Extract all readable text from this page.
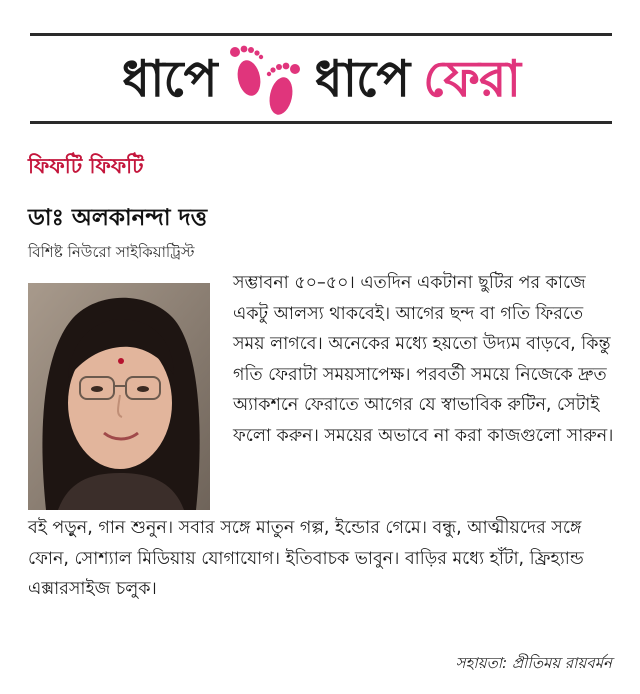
ধাপে ধাপে ফেরা
ফিফটি ফিফটি
ডাঃ অলকানন্দা দত্ত
বিশিষ্ট নিউরো সাইকিয়াট্রিস্ট
সম্ভাবনা ৫০–৫০। এতদিন একটানা ছুটির পর কাজে একটু আলস্য থাকবেই। আগের ছন্দ বা গতি ফিরতে সময় লাগবে। অনেকের মধ্যে হয়তো উদ্যম বাড়বে, কিন্তু গতি ফেরাটা সময়সাপেক্ষ। পরবর্তী সময়ে নিজেকে দ্রুত অ্যাকশনে ফেরাতে আগের যে স্বাভাবিক রুটিন, সেটাই ফলো করুন। সময়ের অভাবে না করা কাজগুলো সারুন।
বই পড়ুন, গান শুনুন। সবার সঙ্গে মাতুন গল্প, ইন্ডোর গেমে। বন্ধু, আত্মীয়দের সঙ্গে ফোন, সোশ্যাল মিডিয়ায় যোগাযোগ। ইতিবাচক ভাবুন। বাড়ির মধ্যে হাঁটা, ফ্রিহ্যান্ড এক্সারসাইজ চলুক।
সহায়তা: প্রীতিময় রায়বর্মন
